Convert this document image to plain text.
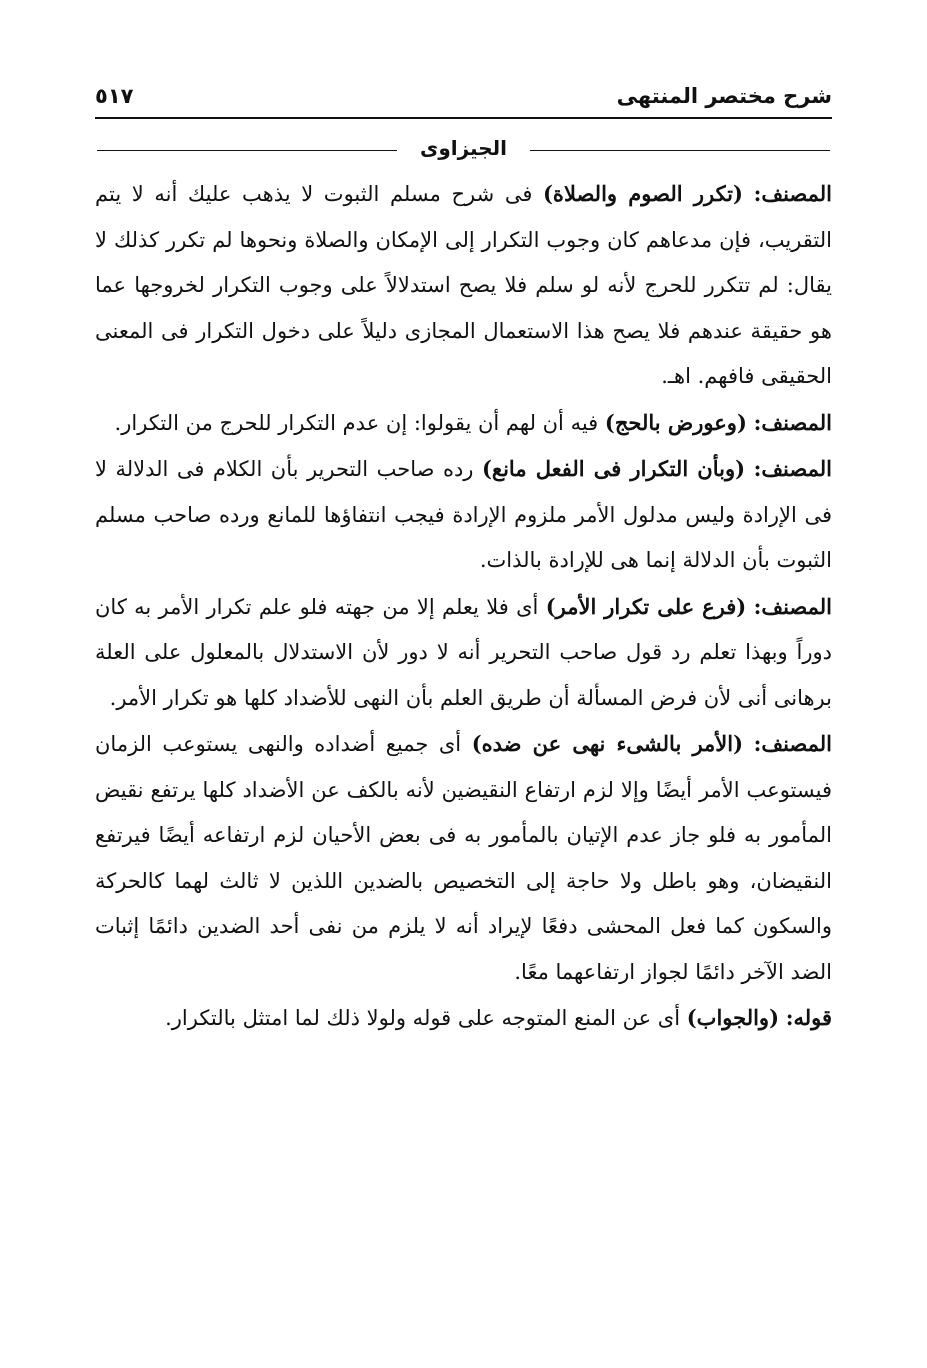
شرح مختصر المنتهى
٥١٧
الجيزاوى

المصنف: (تكرر الصوم والصلاة) فى شرح مسلم الثبوت لا يذهب عليك أنه لا يتم التقريب، فإن مدعاهم كان وجوب التكرار إلى الإمكان والصلاة ونحوها لم تكرر كذلك لا يقال: لم تتكرر للحرج لأنه لو سلم فلا يصح استدلالاً على وجوب التكرار لخروجها عما هو حقيقة عندهم فلا يصح هذا الاستعمال المجازى دليلاً على دخول التكرار فى المعنى الحقيقى فافهم. اهـ.

المصنف: (وعورض بالحج) فيه أن لهم أن يقولوا: إن عدم التكرار للحرج من التكرار.

المصنف: (وبأن التكرار فى الفعل مانع) رده صاحب التحرير بأن الكلام فى الدلالة لا فى الإرادة وليس مدلول الأمر ملزوم الإرادة فيجب انتفاؤها للمانع ورده صاحب مسلم الثبوت بأن الدلالة إنما هى للإرادة بالذات.

المصنف: (فرع على تكرار الأمر) أى فلا يعلم إلا من جهته فلو علم تكرار الأمر به كان دوراً وبهذا تعلم رد قول صاحب التحرير أنه لا دور لأن الاستدلال بالمعلول على العلة برهانى أنى لأن فرض المسألة أن طريق العلم بأن النهى للأضداد كلها هو تكرار الأمر.

المصنف: (الأمر بالشىء نهى عن ضده) أى جميع أضداده والنهى يستوعب الزمان فيستوعب الأمر أيضًا وإلا لزم ارتفاع النقيضين لأنه بالكف عن الأضداد كلها يرتفع نقيض المأمور به فلو جاز عدم الإتيان بالمأمور به فى بعض الأحيان لزم ارتفاعه أيضًا فيرتفع النقيضان، وهو باطل ولا حاجة إلى التخصيص بالضدين اللذين لا ثالث لهما كالحركة والسكون كما فعل المحشى دفعًا لإيراد أنه لا يلزم من نفى أحد الضدين دائمًا إثبات الضد الآخر دائمًا لجواز ارتفاعهما معًا.

قوله: (والجواب) أى عن المنع المتوجه على قوله ولولا ذلك لما امتثل بالتكرار.
